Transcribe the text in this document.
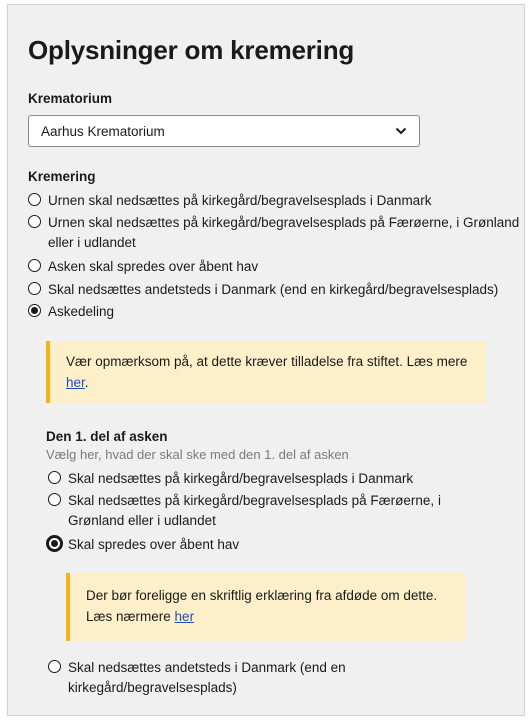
Oplysninger om kremering
Krematorium
Aarhus Krematorium
Kremering
Urnen skal nedsættes på kirkegård/begravelsesplads i Danmark
Urnen skal nedsættes på kirkegård/begravelsesplads på Færøerne, i Grønland
eller i udlandet
Asken skal spredes over åbent hav
Skal nedsættes andetsteds i Danmark (end en kirkegård/begravelsesplads)
Askedeling
Vær opmærksom på, at dette kræver tilladelse fra stiftet. Læs mere
her.
Den 1. del af asken
Vælg her, hvad der skal ske med den 1. del af asken
Skal nedsættes på kirkegård/begravelsesplads i Danmark
Skal nedsættes på kirkegård/begravelsesplads på Færøerne, i
Grønland eller i udlandet
Skal spredes over åbent hav
Der bør foreligge en skriftlig erklæring fra afdøde om dette.
Læs nærmere her
Skal nedsættes andetsteds i Danmark (end en
kirkegård/begravelsesplads)
